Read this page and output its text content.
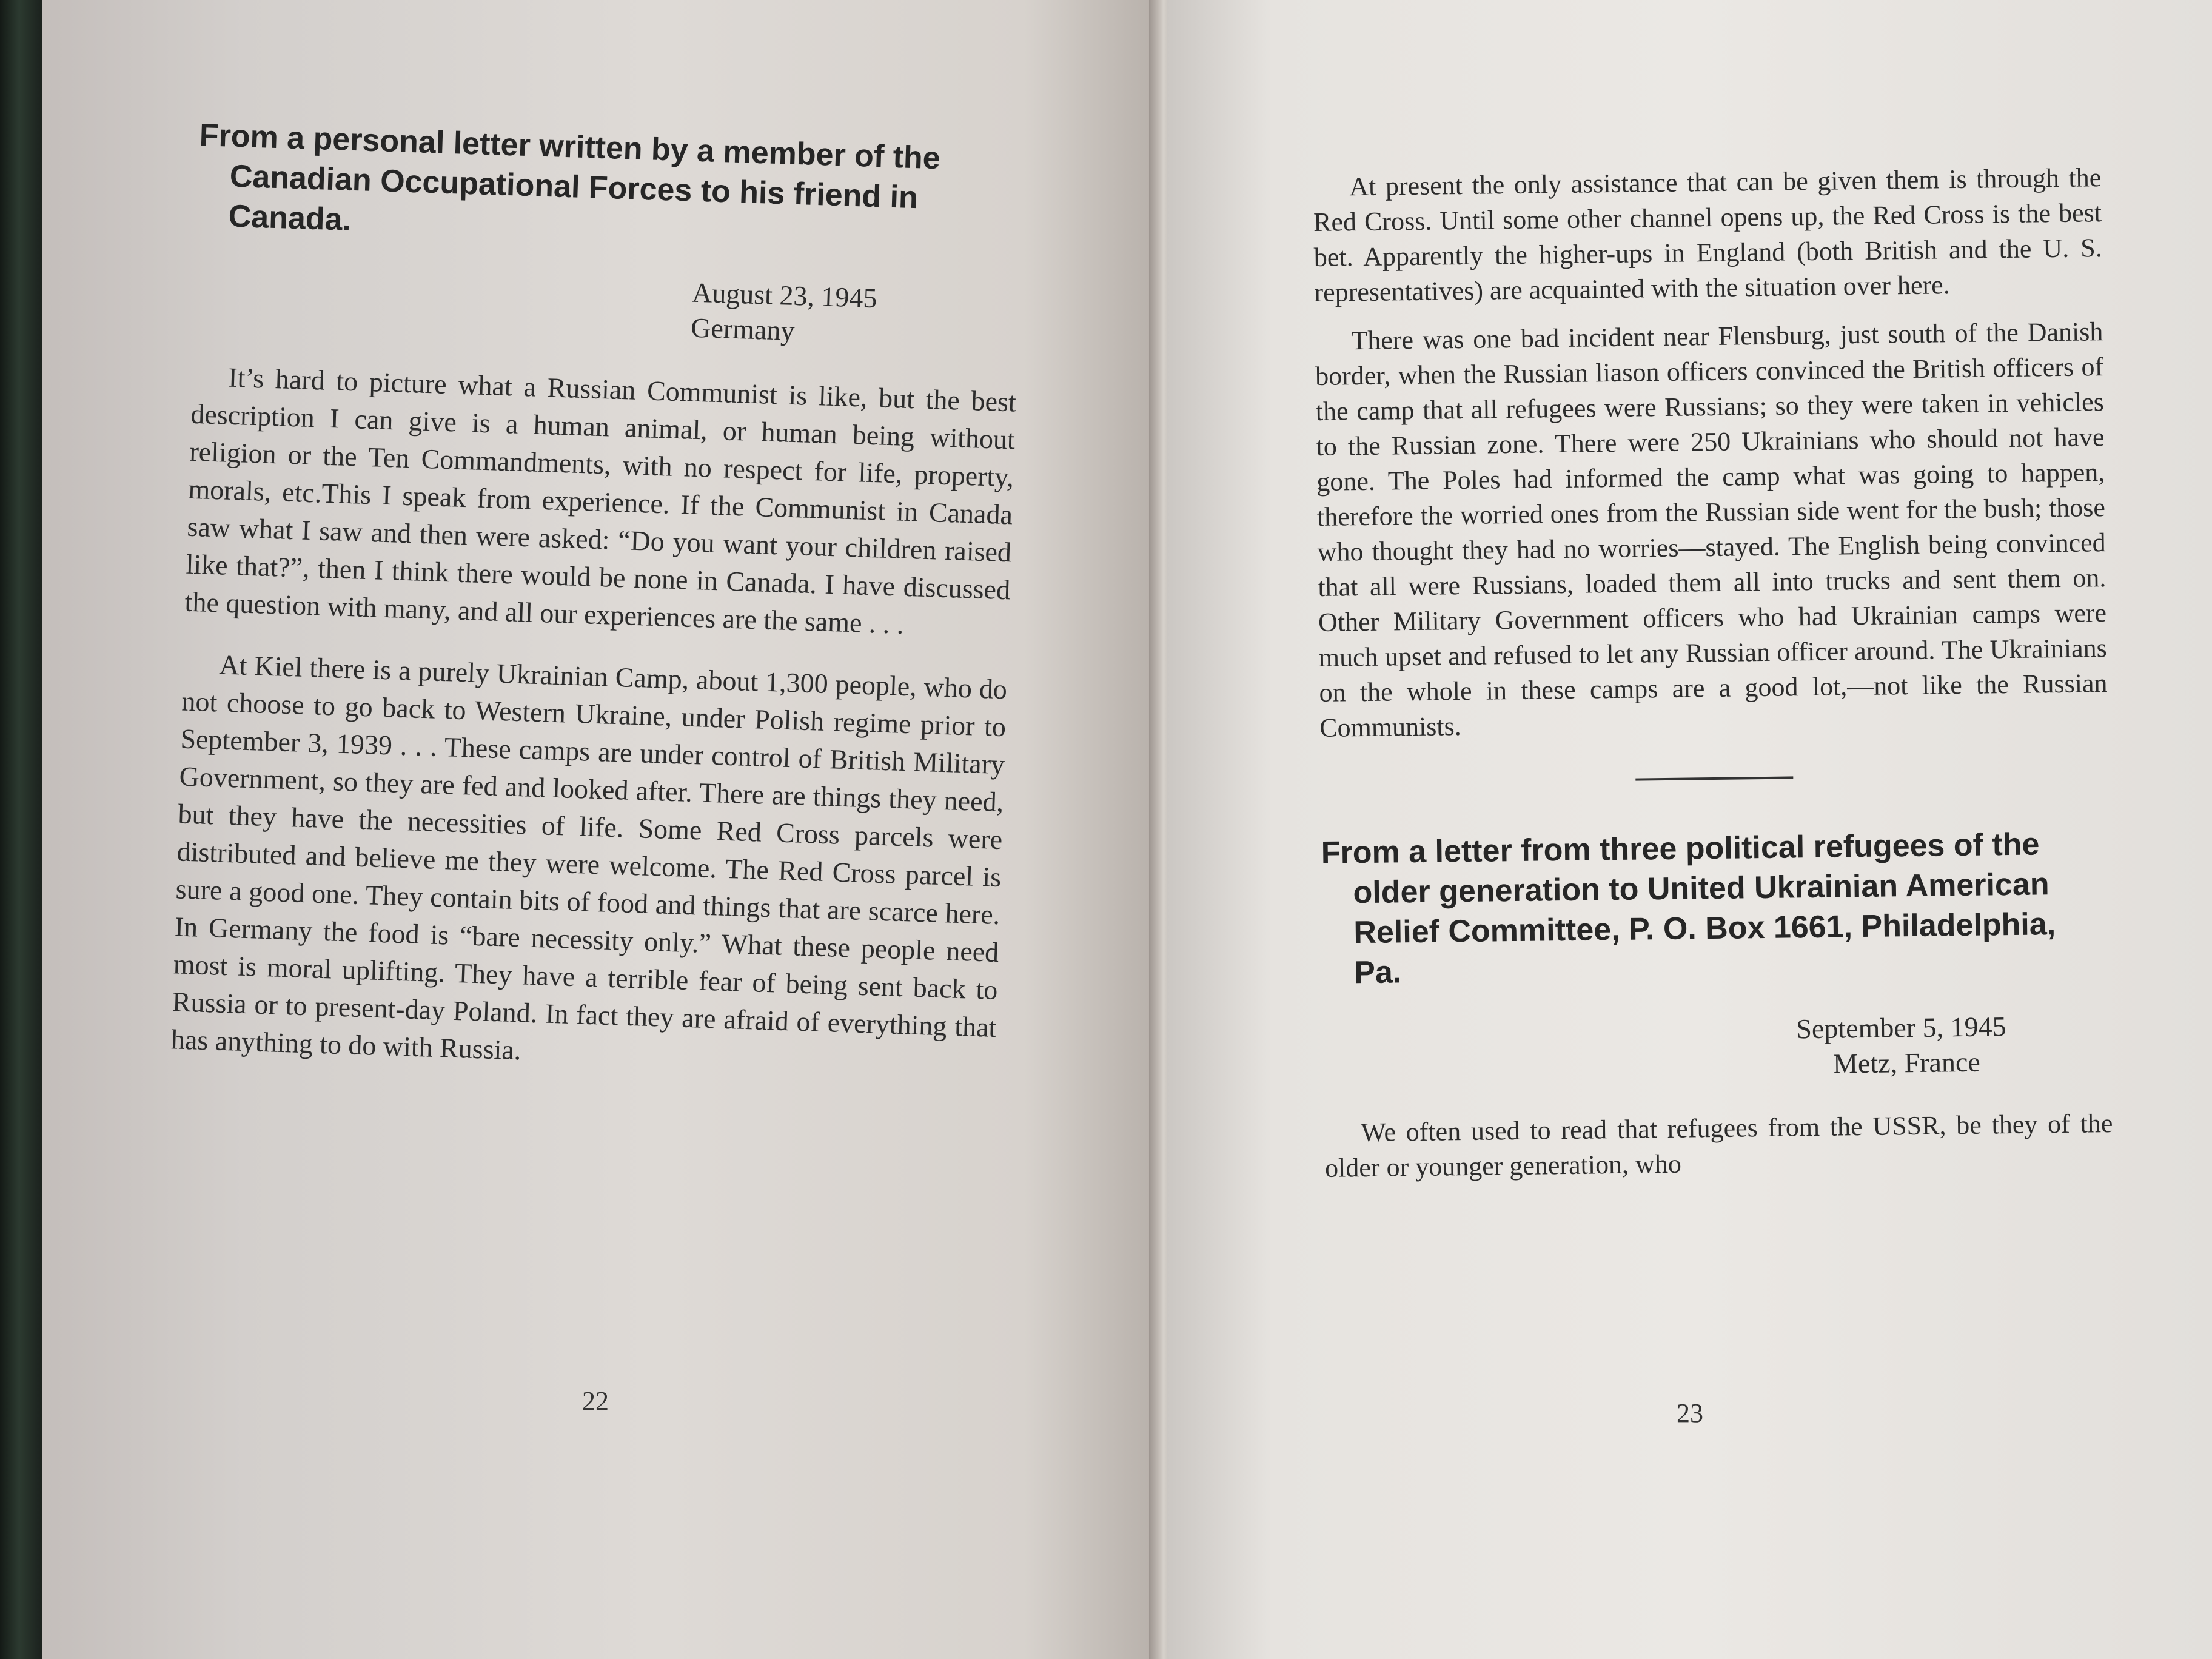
From a personal letter written by a member of the Canadian Occupational Forces to his friend in Canada.
August 23, 1945
Germany

It’s hard to picture what a Russian Communist is like, but the best description I can give is a human animal, or human being without religion or the Ten Commandments, with no respect for life, property, morals, etc.This I speak from experience. If the Communist in Canada saw what I saw and then were asked: “Do you want your children raised like that?”, then I think there would be none in Canada. I have discussed the question with many, and all our experiences are the same . . .

At Kiel there is a purely Ukrainian Camp, about 1,300 people, who do not choose to go back to Western Ukraine, under Polish regime prior to September 3, 1939 . . . These camps are under control of British Military Government, so they are fed and looked after. There are things they need, but they have the necessities of life. Some Red Cross parcels were distributed and believe me they were welcome. The Red Cross parcel is sure a good one. They contain bits of food and things that are scarce here. In Germany the food is “bare necessity only.” What these people need most is moral uplifting. They have a terrible fear of being sent back to Russia or to present-day Poland. In fact they are afraid of everything that has anything to do with Russia.

22

At present the only assistance that can be given them is through the Red Cross. Until some other channel opens up, the Red Cross is the best bet. Apparently the higher-ups in England (both British and the U. S. representatives) are acquainted with the situation over here.

There was one bad incident near Flensburg, just south of the Danish border, when the Russian liason officers convinced the British officers of the camp that all refugees were Russians; so they were taken in vehicles to the Russian zone. There were 250 Ukrainians who should not have gone. The Poles had informed the camp what was going to happen, therefore the worried ones from the Russian side went for the bush; those who thought they had no worries—stayed. The English being convinced that all were Russians, loaded them all into trucks and sent them on. Other Military Government officers who had Ukrainian camps were much upset and refused to let any Russian officer around. The Ukrainians on the whole in these camps are a good lot,—not like the Russian Communists.

From a letter from three political refugees of the older generation to United Ukrainian American Relief Committee, P. O. Box 1661, Philadelphia, Pa.
September 5, 1945
Metz, France

We often used to read that refugees from the USSR, be they of the older or younger generation, who

23
